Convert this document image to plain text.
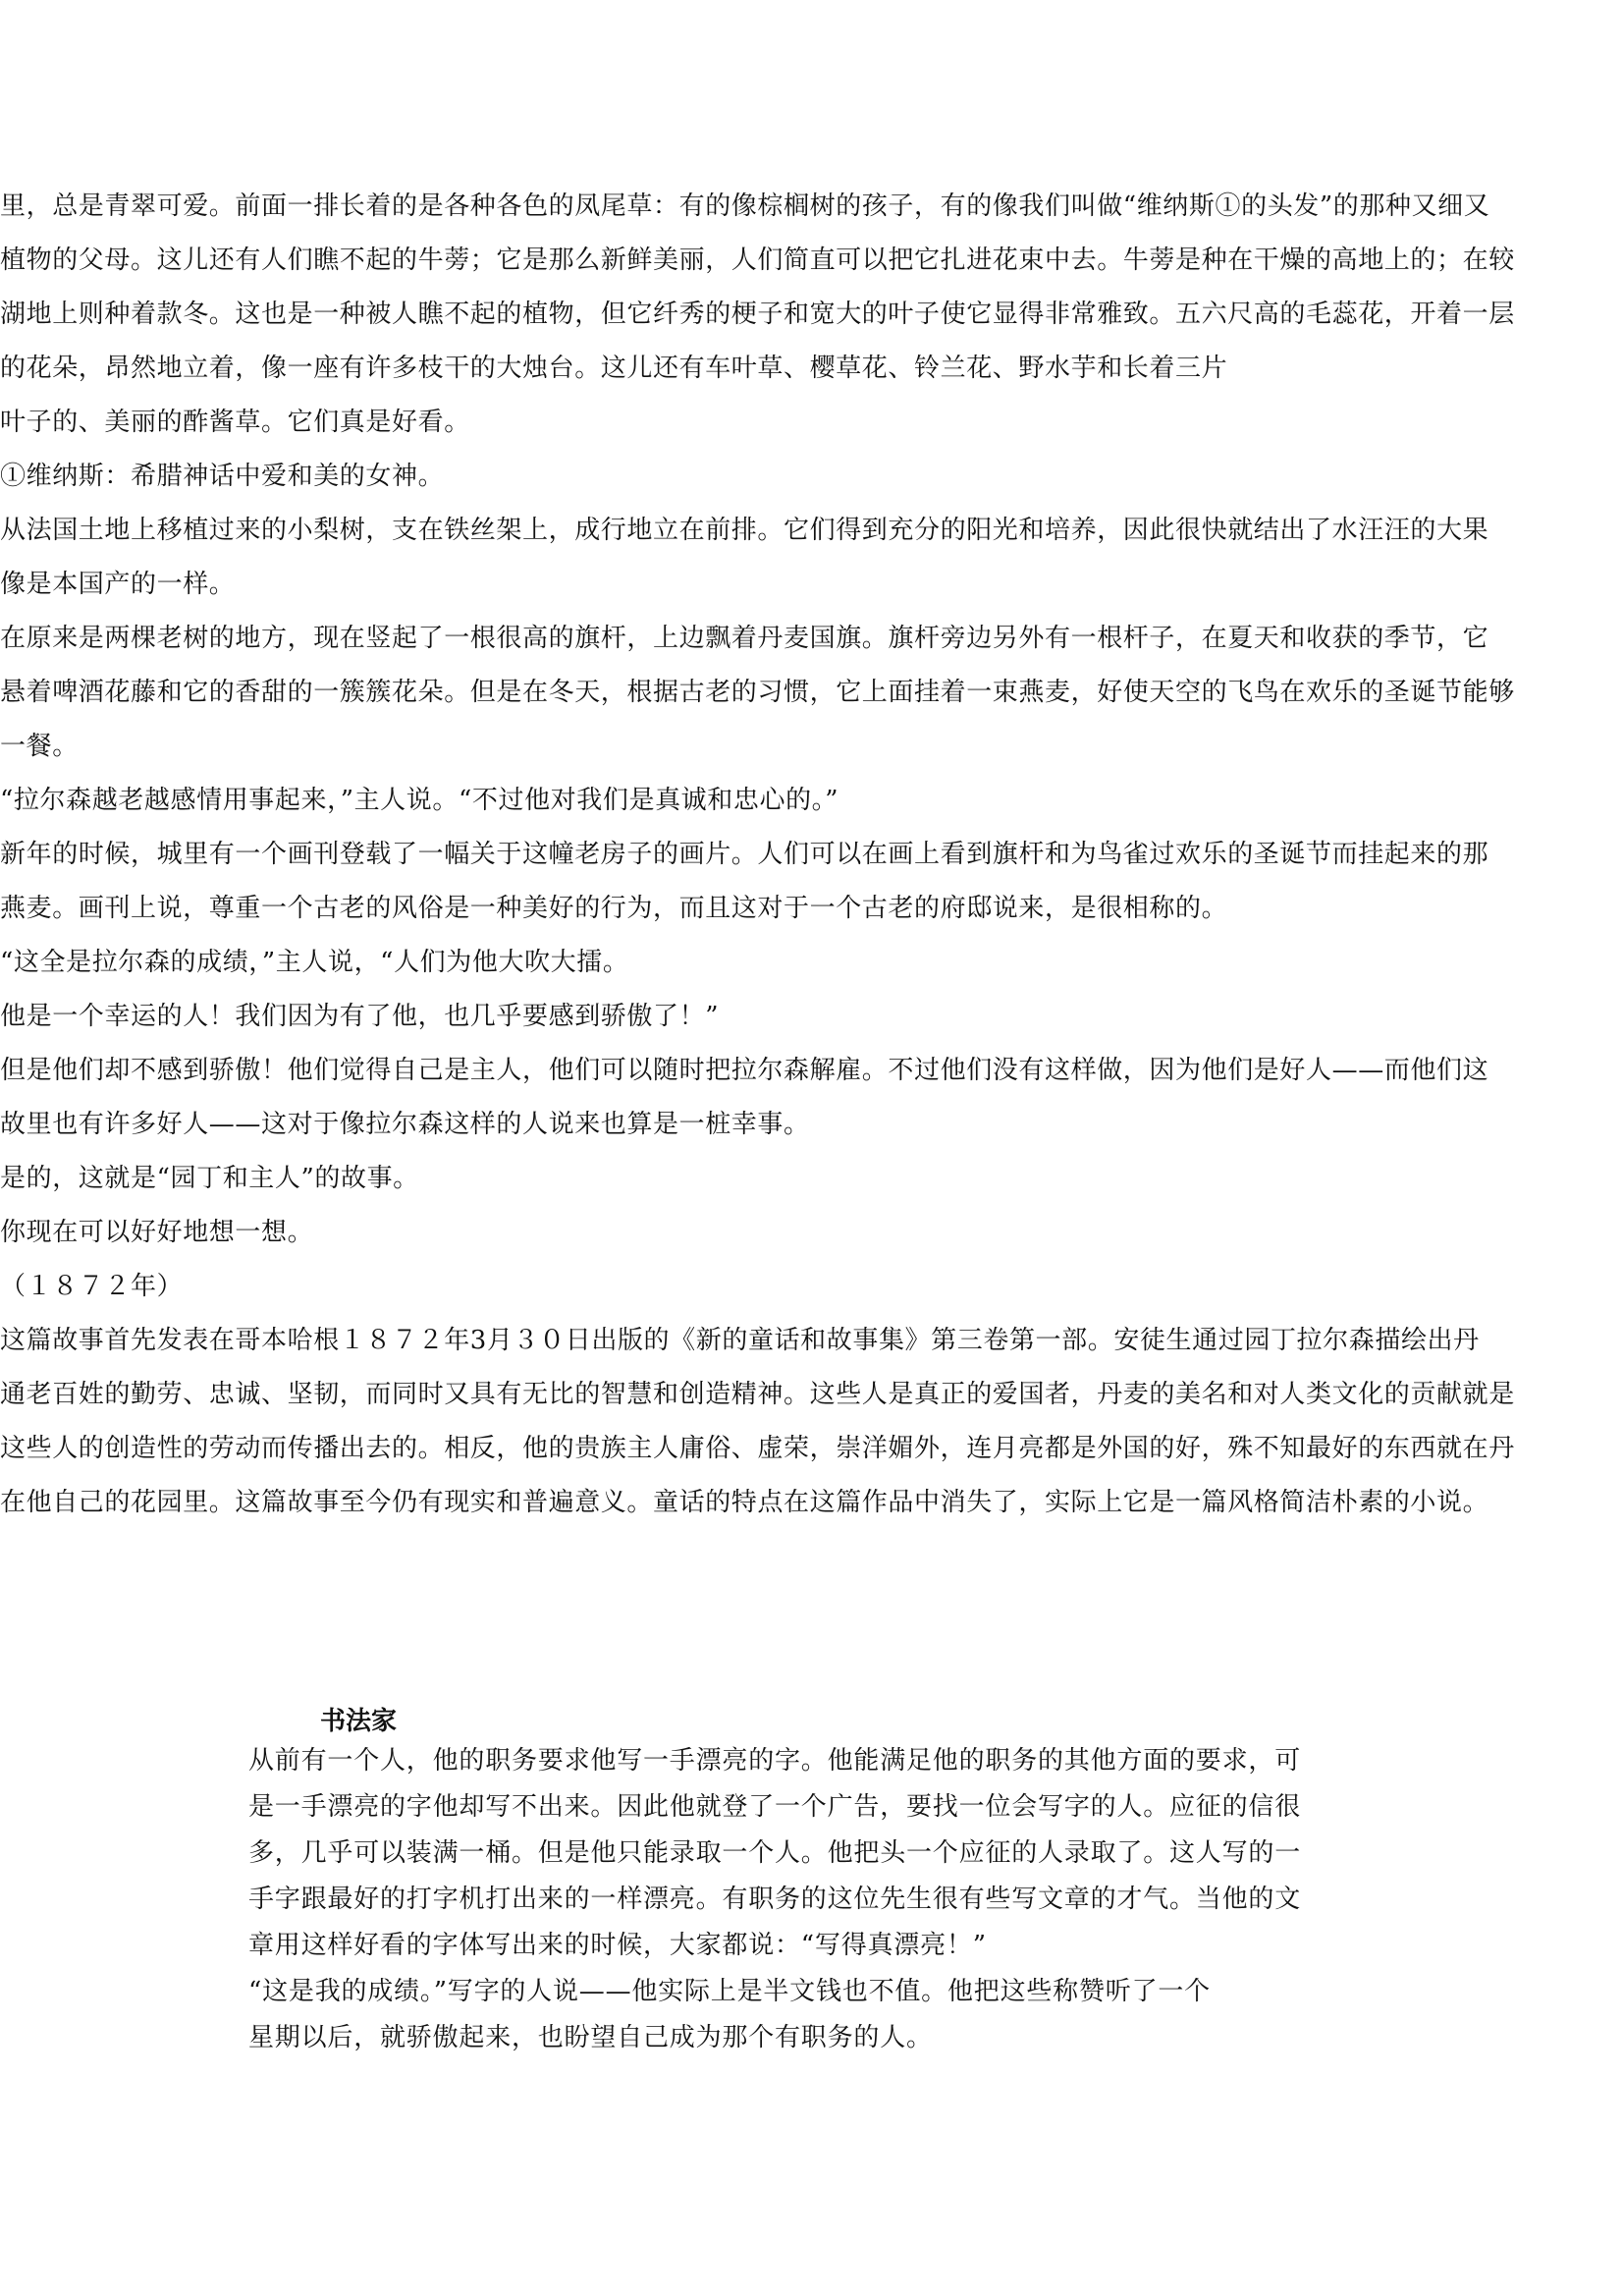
里，总是青翠可爱。前面一排长着的是各种各色的凤尾草：有的像棕榈树的孩子，有的像我们叫做“维纳斯①的头发”的那种又细又
植物的父母。这儿还有人们瞧不起的牛蒡；它是那么新鲜美丽，人们简直可以把它扎进花束中去。牛蒡是种在干燥的高地上的；在较
湖地上则种着款冬。这也是一种被人瞧不起的植物，但它纤秀的梗子和宽大的叶子使它显得非常雅致。五六尺高的毛蕊花，开着一层
的花朵，昂然地立着，像一座有许多枝干的大烛台。这儿还有车叶草、樱草花、铃兰花、野水芋和长着三片
叶子的、美丽的酢酱草。它们真是好看。
①维纳斯：希腊神话中爱和美的女神。
从法国土地上移植过来的小梨树，支在铁丝架上，成行地立在前排。它们得到充分的阳光和培养，因此很快就结出了水汪汪的大果
像是本国产的一样。
在原来是两棵老树的地方，现在竖起了一根很高的旗杆，上边飘着丹麦国旗。旗杆旁边另外有一根杆子，在夏天和收获的季节，它
悬着啤酒花藤和它的香甜的一簇簇花朵。但是在冬天，根据古老的习惯，它上面挂着一束燕麦，好使天空的飞鸟在欢乐的圣诞节能够
一餐。
“拉尔森越老越感情用事起来，”主人说。“不过他对我们是真诚和忠心的。”
新年的时候，城里有一个画刊登载了一幅关于这幢老房子的画片。人们可以在画上看到旗杆和为鸟雀过欢乐的圣诞节而挂起来的那
燕麦。画刊上说，尊重一个古老的风俗是一种美好的行为，而且这对于一个古老的府邸说来，是很相称的。
“这全是拉尔森的成绩，”主人说，“人们为他大吹大擂。
他是一个幸运的人！我们因为有了他，也几乎要感到骄傲了！”
但是他们却不感到骄傲！他们觉得自己是主人，他们可以随时把拉尔森解雇。不过他们没有这样做，因为他们是好人——而他们这
故里也有许多好人——这对于像拉尔森这样的人说来也算是一桩幸事。
是的，这就是“园丁和主人”的故事。
你现在可以好好地想一想。
（１８７２年）
这篇故事首先发表在哥本哈根１８７２年3月３０日出版的《新的童话和故事集》第三卷第一部。安徒生通过园丁拉尔森描绘出丹
通老百姓的勤劳、忠诚、坚韧，而同时又具有无比的智慧和创造精神。这些人是真正的爱国者，丹麦的美名和对人类文化的贡献就是
这些人的创造性的劳动而传播出去的。相反，他的贵族主人庸俗、虚荣，崇洋媚外，连月亮都是外国的好，殊不知最好的东西就在丹
在他自己的花园里。这篇故事至今仍有现实和普遍意义。童话的特点在这篇作品中消失了，实际上它是一篇风格简洁朴素的小说。
书法家
从前有一个人，他的职务要求他写一手漂亮的字。他能满足他的职务的其他方面的要求，可
是一手漂亮的字他却写不出来。因此他就登了一个广告，要找一位会写字的人。应征的信很
多，几乎可以装满一桶。但是他只能录取一个人。他把头一个应征的人录取了。这人写的一
手字跟最好的打字机打出来的一样漂亮。有职务的这位先生很有些写文章的才气。当他的文
章用这样好看的字体写出来的时候，大家都说：“写得真漂亮！”
“这是我的成绩。”写字的人说——他实际上是半文钱也不值。他把这些称赞听了一个
星期以后，就骄傲起来，也盼望自己成为那个有职务的人。
